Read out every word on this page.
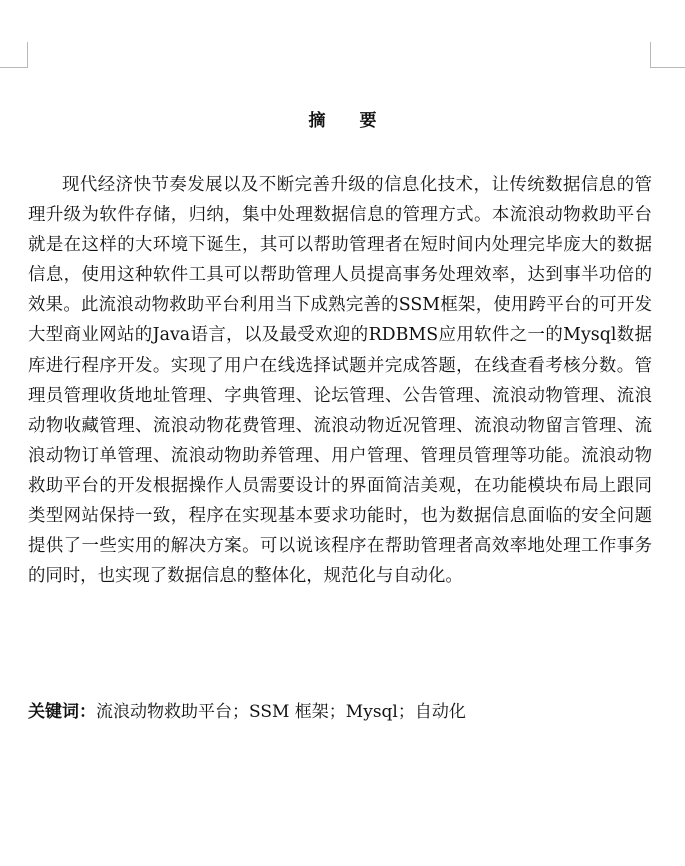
摘 要

现代经济快节奏发展以及不断完善升级的信息化技术，让传统数据信息的管理升级为软件存储，归纳，集中处理数据信息的管理方式。本流浪动物救助平台就是在这样的大环境下诞生，其可以帮助管理者在短时间内处理完毕庞大的数据信息，使用这种软件工具可以帮助管理人员提高事务处理效率，达到事半功倍的效果。此流浪动物救助平台利用当下成熟完善的SSM框架，使用跨平台的可开发大型商业网站的Java语言，以及最受欢迎的RDBMS应用软件之一的Mysql数据库进行程序开发。实现了用户在线选择试题并完成答题，在线查看考核分数。管理员管理收货地址管理、字典管理、论坛管理、公告管理、流浪动物管理、流浪动物收藏管理、流浪动物花费管理、流浪动物近况管理、流浪动物留言管理、流浪动物订单管理、流浪动物助养管理、用户管理、管理员管理等功能。流浪动物救助平台的开发根据操作人员需要设计的界面简洁美观，在功能模块布局上跟同类型网站保持一致，程序在实现基本要求功能时，也为数据信息面临的安全问题提供了一些实用的解决方案。可以说该程序在帮助管理者高效率地处理工作事务的同时，也实现了数据信息的整体化，规范化与自动化。

关键词：流浪动物救助平台；SSM 框架；Mysql；自动化
